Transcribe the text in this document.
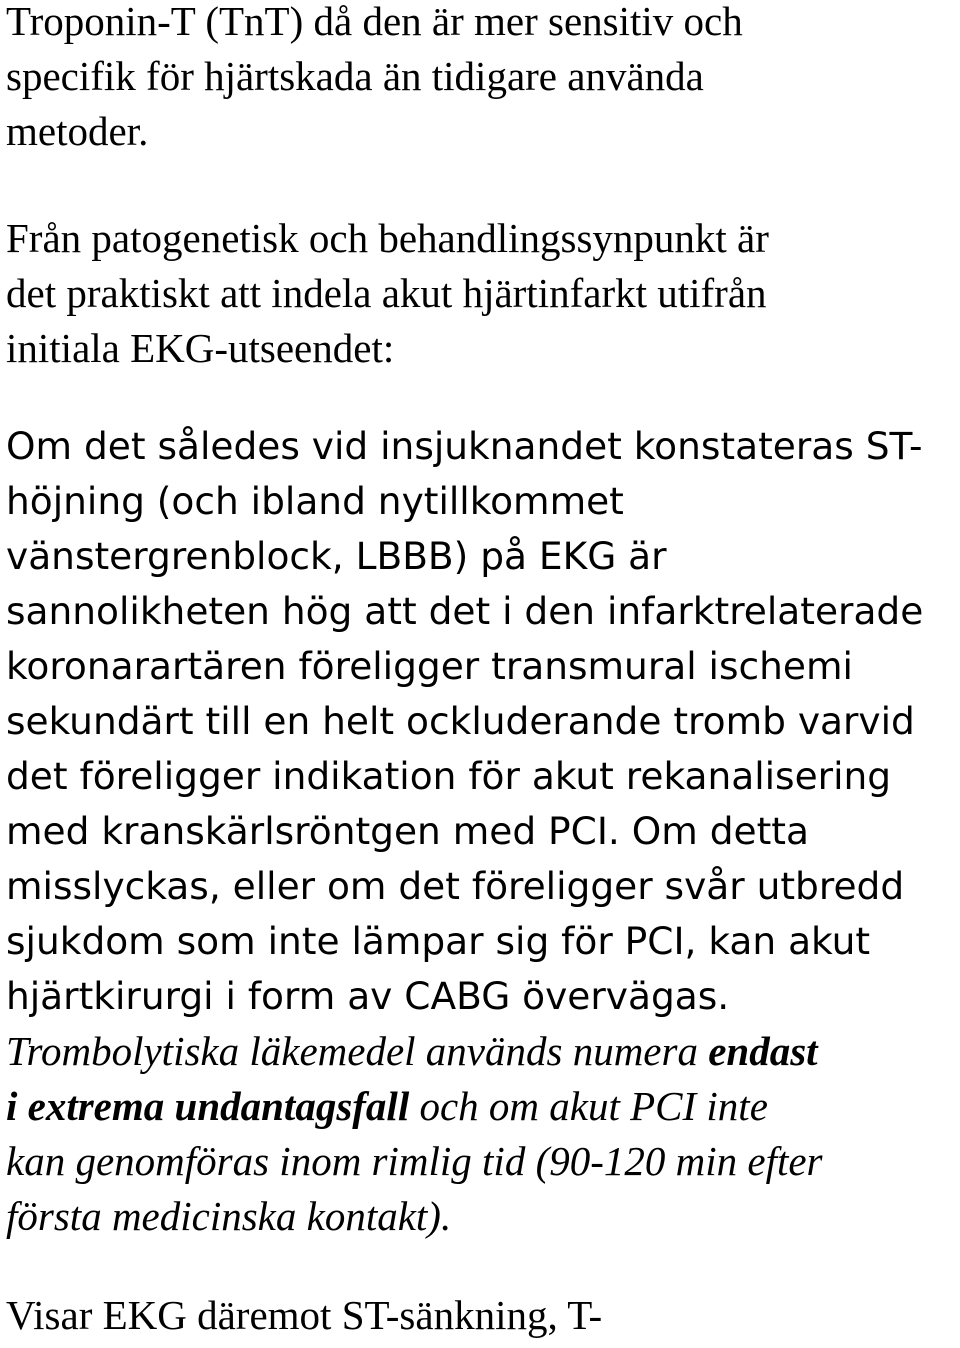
Troponin-T (TnT) då den är mer sensitiv och
specifik för hjärtskada än tidigare använda
metoder.

Från patogenetisk och behandlingssynpunkt är
det praktiskt att indela akut hjärtinfarkt utifrån
initiala EKG-utseendet:

Om det således vid insjuknandet konstateras ST-
höjning (och ibland nytillkommet
vänstergrenblock, LBBB) på EKG är
sannolikheten hög att det i den infarktrelaterade
koronarartären föreligger transmural ischemi
sekundärt till en helt ockluderande tromb varvid
det föreligger indikation för akut rekanalisering
med kranskärlsröntgen med PCI. Om detta
misslyckas, eller om det föreligger svår utbredd
sjukdom som inte lämpar sig för PCI, kan akut
hjärtkirurgi i form av CABG övervägas.
Trombolytiska läkemedel används numera endast
i extrema undantagsfall och om akut PCI inte
kan genomföras inom rimlig tid (90-120 min efter
första medicinska kontakt).

Visar EKG däremot ST-sänkning, T-
